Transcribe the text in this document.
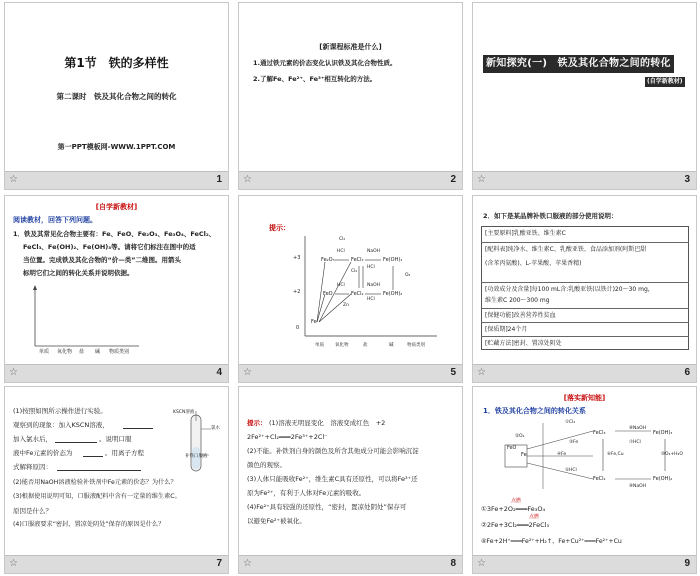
第1节　铁的多样性
第二课时　铁及其化合物之间的转化
第一PPT模板网-WWW.1PPT.COM
☆	1
[新课程标准是什么]
1.通过铁元素的价态变化认识铁及其化合物性质。
2.了解Fe、Fe²⁺、Fe³⁺相互转化的方法。
☆	2
新知探究(一)　铁及其化合物之间的转化
(自学新教材)
☆	3
[自学新教材]
阅读教材，回答下列问题。
1．铁及其常见化合物主要有：Fe、FeO、Fe₂O₃、Fe₃O₄、FeCl₂、
FeCl₃、Fe(OH)₂、Fe(OH)₃等。请将它们标注在图中的适
当位置。完成铁及其化合物的“价—类”二维图。用箭头
标明它们之间的转化关系并说明依据。
单质 氧化物 盐 碱 物质类别
☆	4
提示：
+3
+2
0
Fe₂O₃	FeCl₃	Fe(OH)₃
FeO	FeCl₂	Fe(OH)₂
Fe
Cl₂
HCl	NaOH
HCl
O₂
HCl	NaOH
Zn
Cl₂
HCl
单质 氧化物	盐	碱	物质类别
☆	5
2．如下是某品牌补铁口服液的部分使用说明：
[主要原料]乳酸亚铁、维生素C
[配料表]纯净水、维生素C、乳酸亚铁、食品添加剂(阿斯巴甜
(含苯丙氨酸)、L-苹果酸、苹果香精)
[功效成分及含量]每100 mL含:乳酸亚铁(以铁计)20～30 mg，
维生素C 200～300 mg
[保健功能]改善营养性贫血
[保质期]24个月
[贮藏方法]密封、置凉处阴处
☆	6
(1)按照如图所示操作进行实验。
观察到的现象：加入KSCN溶液，
加入氯水后，	。说明口服
液中Fe元素的价态为	。用离子方程
式解释原因：
(2)能否用NaOH溶液检验补铁剂中Fe元素的价态？为什么？
(3)根据使用说明可知，口服液配料中含有一定量的维生素C。
原因是什么？
(4)口服液要求“密封、置凉处阴处”保存的原因是什么？
KSCN溶液
氯水
补铁口服液
☆	7
提示： (1)溶液无明显变化　溶液变成红色　+2
2Fe²⁺+Cl₂═══2Fe³⁺+2Cl⁻
(2)不能。补铁剂自身的颜色及所含其他成分可能会影响沉淀
颜色的观察。
(3)人体只能吸收Fe²⁺，维生素C具有还原性，可以将Fe³⁺还
原为Fe²⁺，有利于人体对Fe元素的吸收。
(4)Fe²⁺具有较强的还原性，“密封，置凉处阴处”保存可
以避免Fe²⁺被氧化。
☆	8
[落实新知能]
1．铁及其化合物之间的转化关系
FeO
Fe
FeCl₂
FeCl₃
Fe(OH)₂
Fe(OH)₃
①Cl₂
②O₂
③Fe
④Fe
⑤HCl
⑥Fe,Cu
⑦HCl
⑧NaOH
⑨NaOH
⑩O₂+H₂O
点燃
①3Fe+2O₂═══Fe₃O₄
点燃
②2Fe+3Cl₂═══2FeCl₃
④Fe+2H⁺═══Fe²⁺+H₂↑，Fe+Cu²⁺═══Fe²⁺+Cu
☆	9
